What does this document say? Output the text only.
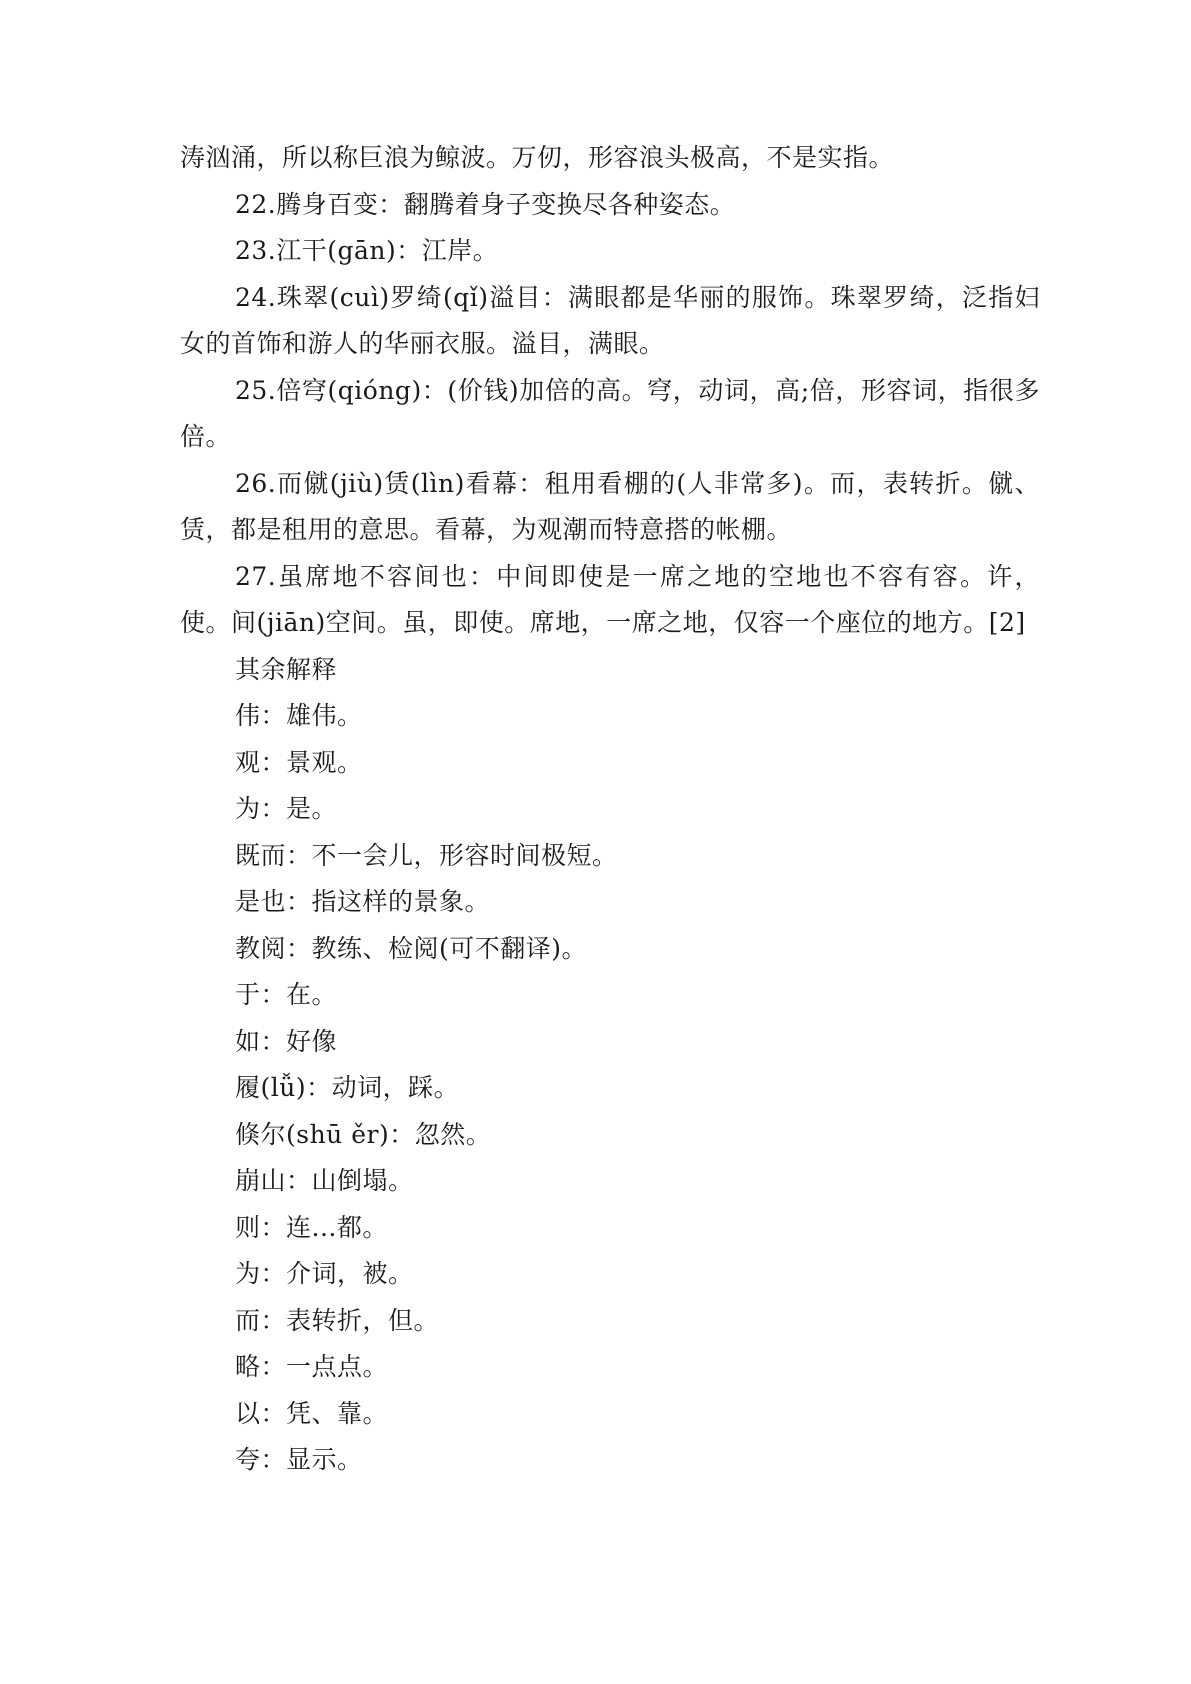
涛汹涌，所以称巨浪为鲸波。万仞，形容浪头极高，不是实指。

22.腾身百变：翻腾着身子变换尽各种姿态。

23.江干(gān)：江岸。

24.珠翠(cuì)罗绮(qǐ)溢目：满眼都是华丽的服饰。珠翠罗绮，泛指妇女的首饰和游人的华丽衣服。溢目，满眼。

25.倍穹(qióng)：(价钱)加倍的高。穹，动词，高;倍，形容词，指很多倍。

26.而僦(jiù)赁(lìn)看幕：租用看棚的(人非常多)。而，表转折。僦、赁，都是租用的意思。看幕，为观潮而特意搭的帐棚。

27.虽席地不容间也：中间即使是一席之地的空地也不容有容。许，使。间(jiān)空间。虽，即使。席地，一席之地，仅容一个座位的地方。[2]

其余解释

伟：雄伟。

观：景观。

为：是。

既而：不一会儿，形容时间极短。

是也：指这样的景象。

教阅：教练、检阅(可不翻译)。

于：在。

如：好像

履(lǚ)：动词，踩。

倏尔(shū ěr)：忽然。

崩山：山倒塌。

则：连...都。

为：介词，被。

而：表转折，但。

略：一点点。

以：凭、靠。

夸：显示。
